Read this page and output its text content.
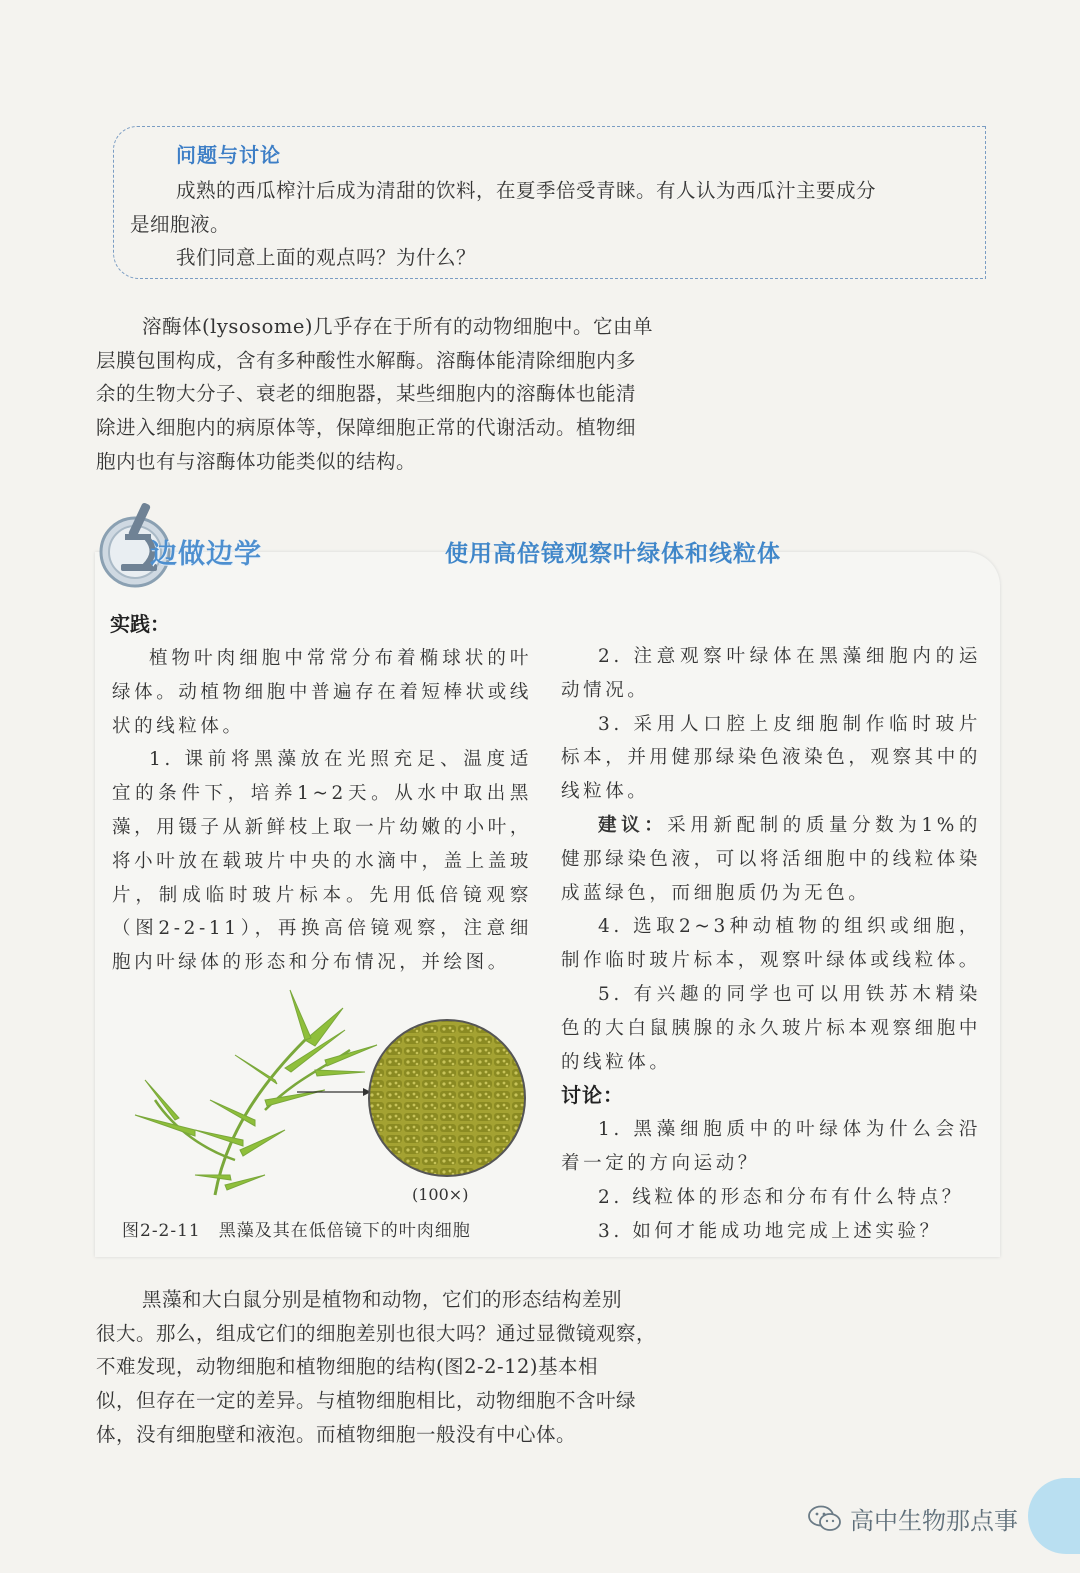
问题与讨论
成熟的西瓜榨汁后成为清甜的饮料，在夏季倍受青睐。有人认为西瓜汁主要成分
是细胞液。
我们同意上面的观点吗？为什么？
溶酶体(lysosome)几乎存在于所有的动物细胞中。它由单
层膜包围构成，含有多种酸性水解酶。溶酶体能清除细胞内多
余的生物大分子、衰老的细胞器，某些细胞内的溶酶体也能清
除进入细胞内的病原体等，保障细胞正常的代谢活动。植物细
胞内也有与溶酶体功能类似的结构。
边做边学	使用高倍镜观察叶绿体和线粒体
实践：

植物叶肉细胞中常常分布着椭球状的叶绿体。动植物细胞中普遍存在着短棒状或线状的线粒体。

1. 课前将黑藻放在光照充足、温度适宜的条件下，培养1~2天。从水中取出黑藻，用镊子从新鲜枝上取一片幼嫩的小叶，将小叶放在载玻片中央的水滴中，盖上盖玻片，制成临时玻片标本。先用低倍镜观察（图2-2-11），再换高倍镜观察，注意细胞内叶绿体的形态和分布情况，并绘图。

2. 注意观察叶绿体在黑藻细胞内的运动情况。

3. 采用人口腔上皮细胞制作临时玻片标本，并用健那绿染色液染色，观察其中的线粒体。

建议：采用新配制的质量分数为1%的健那绿染色液，可以将活细胞中的线粒体染成蓝绿色，而细胞质仍为无色。

4. 选取2~3种动植物的组织或细胞，制作临时玻片标本，观察叶绿体或线粒体。

5. 有兴趣的同学也可以用铁苏木精染色的大白鼠胰腺的永久玻片标本观察细胞中的线粒体。

讨论：

1. 黑藻细胞质中的叶绿体为什么会沿着一定的方向运动？

2. 线粒体的形态和分布有什么特点？

3. 如何才能成功地完成上述实验？

(100×)
图2-2-11　黑藻及其在低倍镜下的叶肉细胞
黑藻和大白鼠分别是植物和动物，它们的形态结构差别
很大。那么，组成它们的细胞差别也很大吗？通过显微镜观察，
不难发现，动物细胞和植物细胞的结构(图2-2-12)基本相
似，但存在一定的差异。与植物细胞相比，动物细胞不含叶绿
体，没有细胞壁和液泡。而植物细胞一般没有中心体。
高中生物那点事
